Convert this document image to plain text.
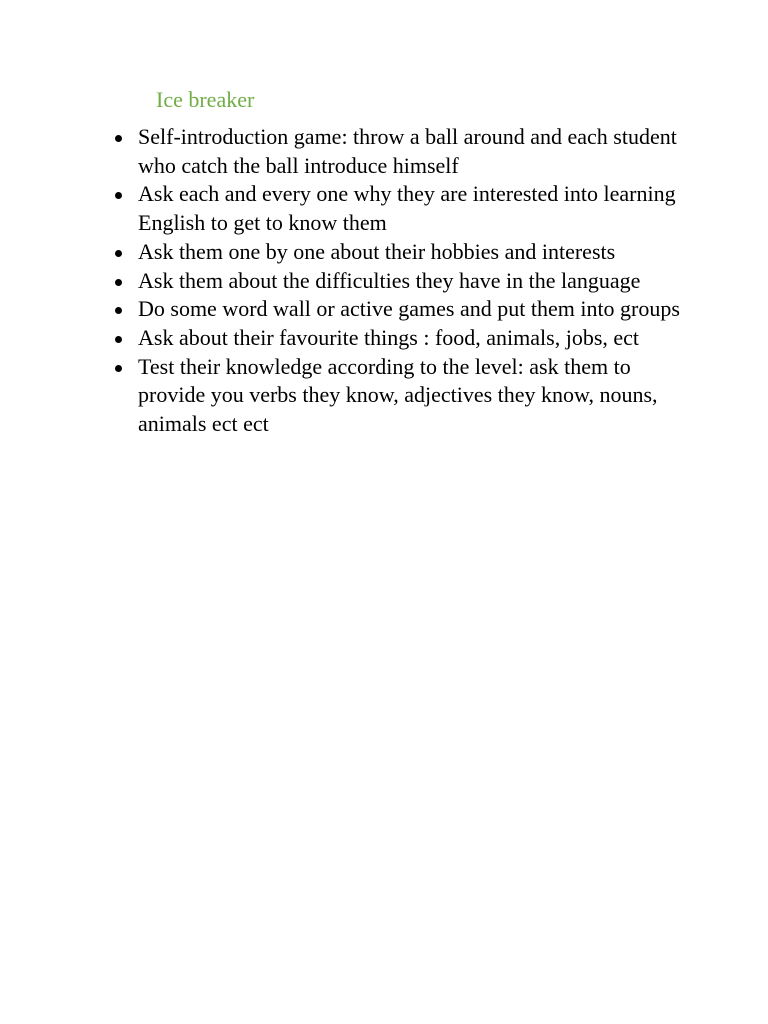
Ice breaker
Self-introduction game: throw a ball around and each student who catch the ball introduce himself
Ask each and every one why they are interested into learning English to get to know them
Ask them one by one about their hobbies and interests
Ask them about the difficulties they have in the language
Do some word wall or active games and put them into groups
Ask about their favourite things : food, animals, jobs, ect
Test their knowledge according to the level: ask them to provide you verbs they know, adjectives they know, nouns, animals ect ect
